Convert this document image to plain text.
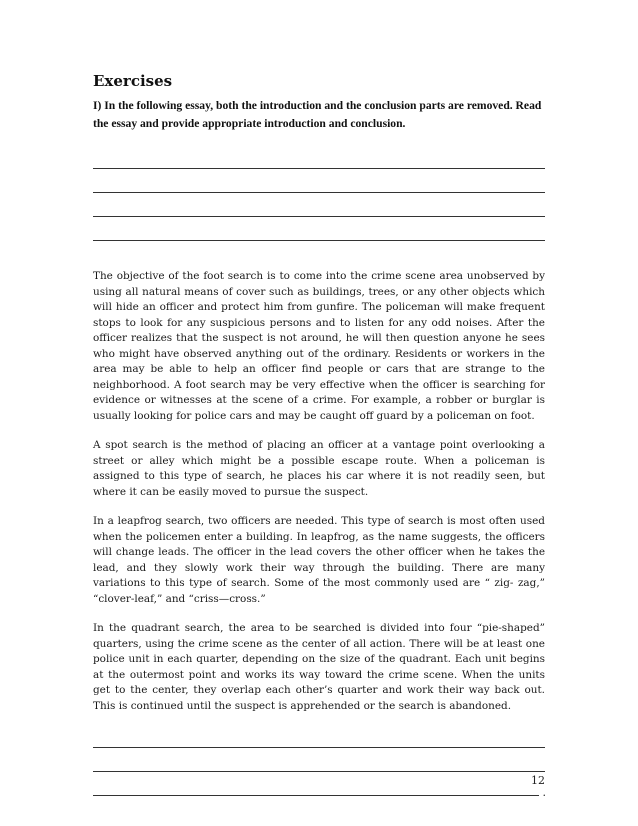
Exercises

I) In the following essay, both the introduction and the conclusion parts are removed. Read the essay and provide appropriate introduction and conclusion.

The objective of the foot search is to come into the crime scene area unobserved by using all natural means of cover such as buildings, trees, or any other objects which will hide an officer and protect him from gunfire. The policeman will make frequent stops to look for any suspicious persons and to listen for any odd noises. After the officer realizes that the suspect is not around, he will then question anyone he sees who might have observed anything out of the ordinary. Residents or workers in the area may be able to help an officer find people or cars that are strange to the neighborhood. A foot search may be very effective when the officer is searching for evidence or witnesses at the scene of a crime. For example, a robber or burglar is usually looking for police cars and may be caught off guard by a policeman on foot.

A spot search is the method of placing an officer at a vantage point overlooking a street or alley which might be a possible escape route. When a policeman is assigned to this type of search, he places his car where it is not readily seen, but where it can be easily moved to pursue the suspect.

In a leapfrog search, two officers are needed. This type of search is most often used when the policemen enter a building. In leapfrog, as the name suggests, the officers will change leads. The officer in the lead covers the other officer when he takes the lead, and they slowly work their way through the building. There are many variations to this type of search. Some of the most commonly used are “ zig- zag,” “clover-leaf,” and “criss—cross.”

In the quadrant search, the area to be searched is divided into four “pie-shaped” quarters, using the crime scene as the center of all action. There will be at least one police unit in each quarter, depending on the size of the quadrant. Each unit begins at the outermost point and works its way toward the crime scene. When the units get to the center, they overlap each other’s quarter and work their way back out. This is continued until the suspect is apprehended or the search is abandoned.

.
12
